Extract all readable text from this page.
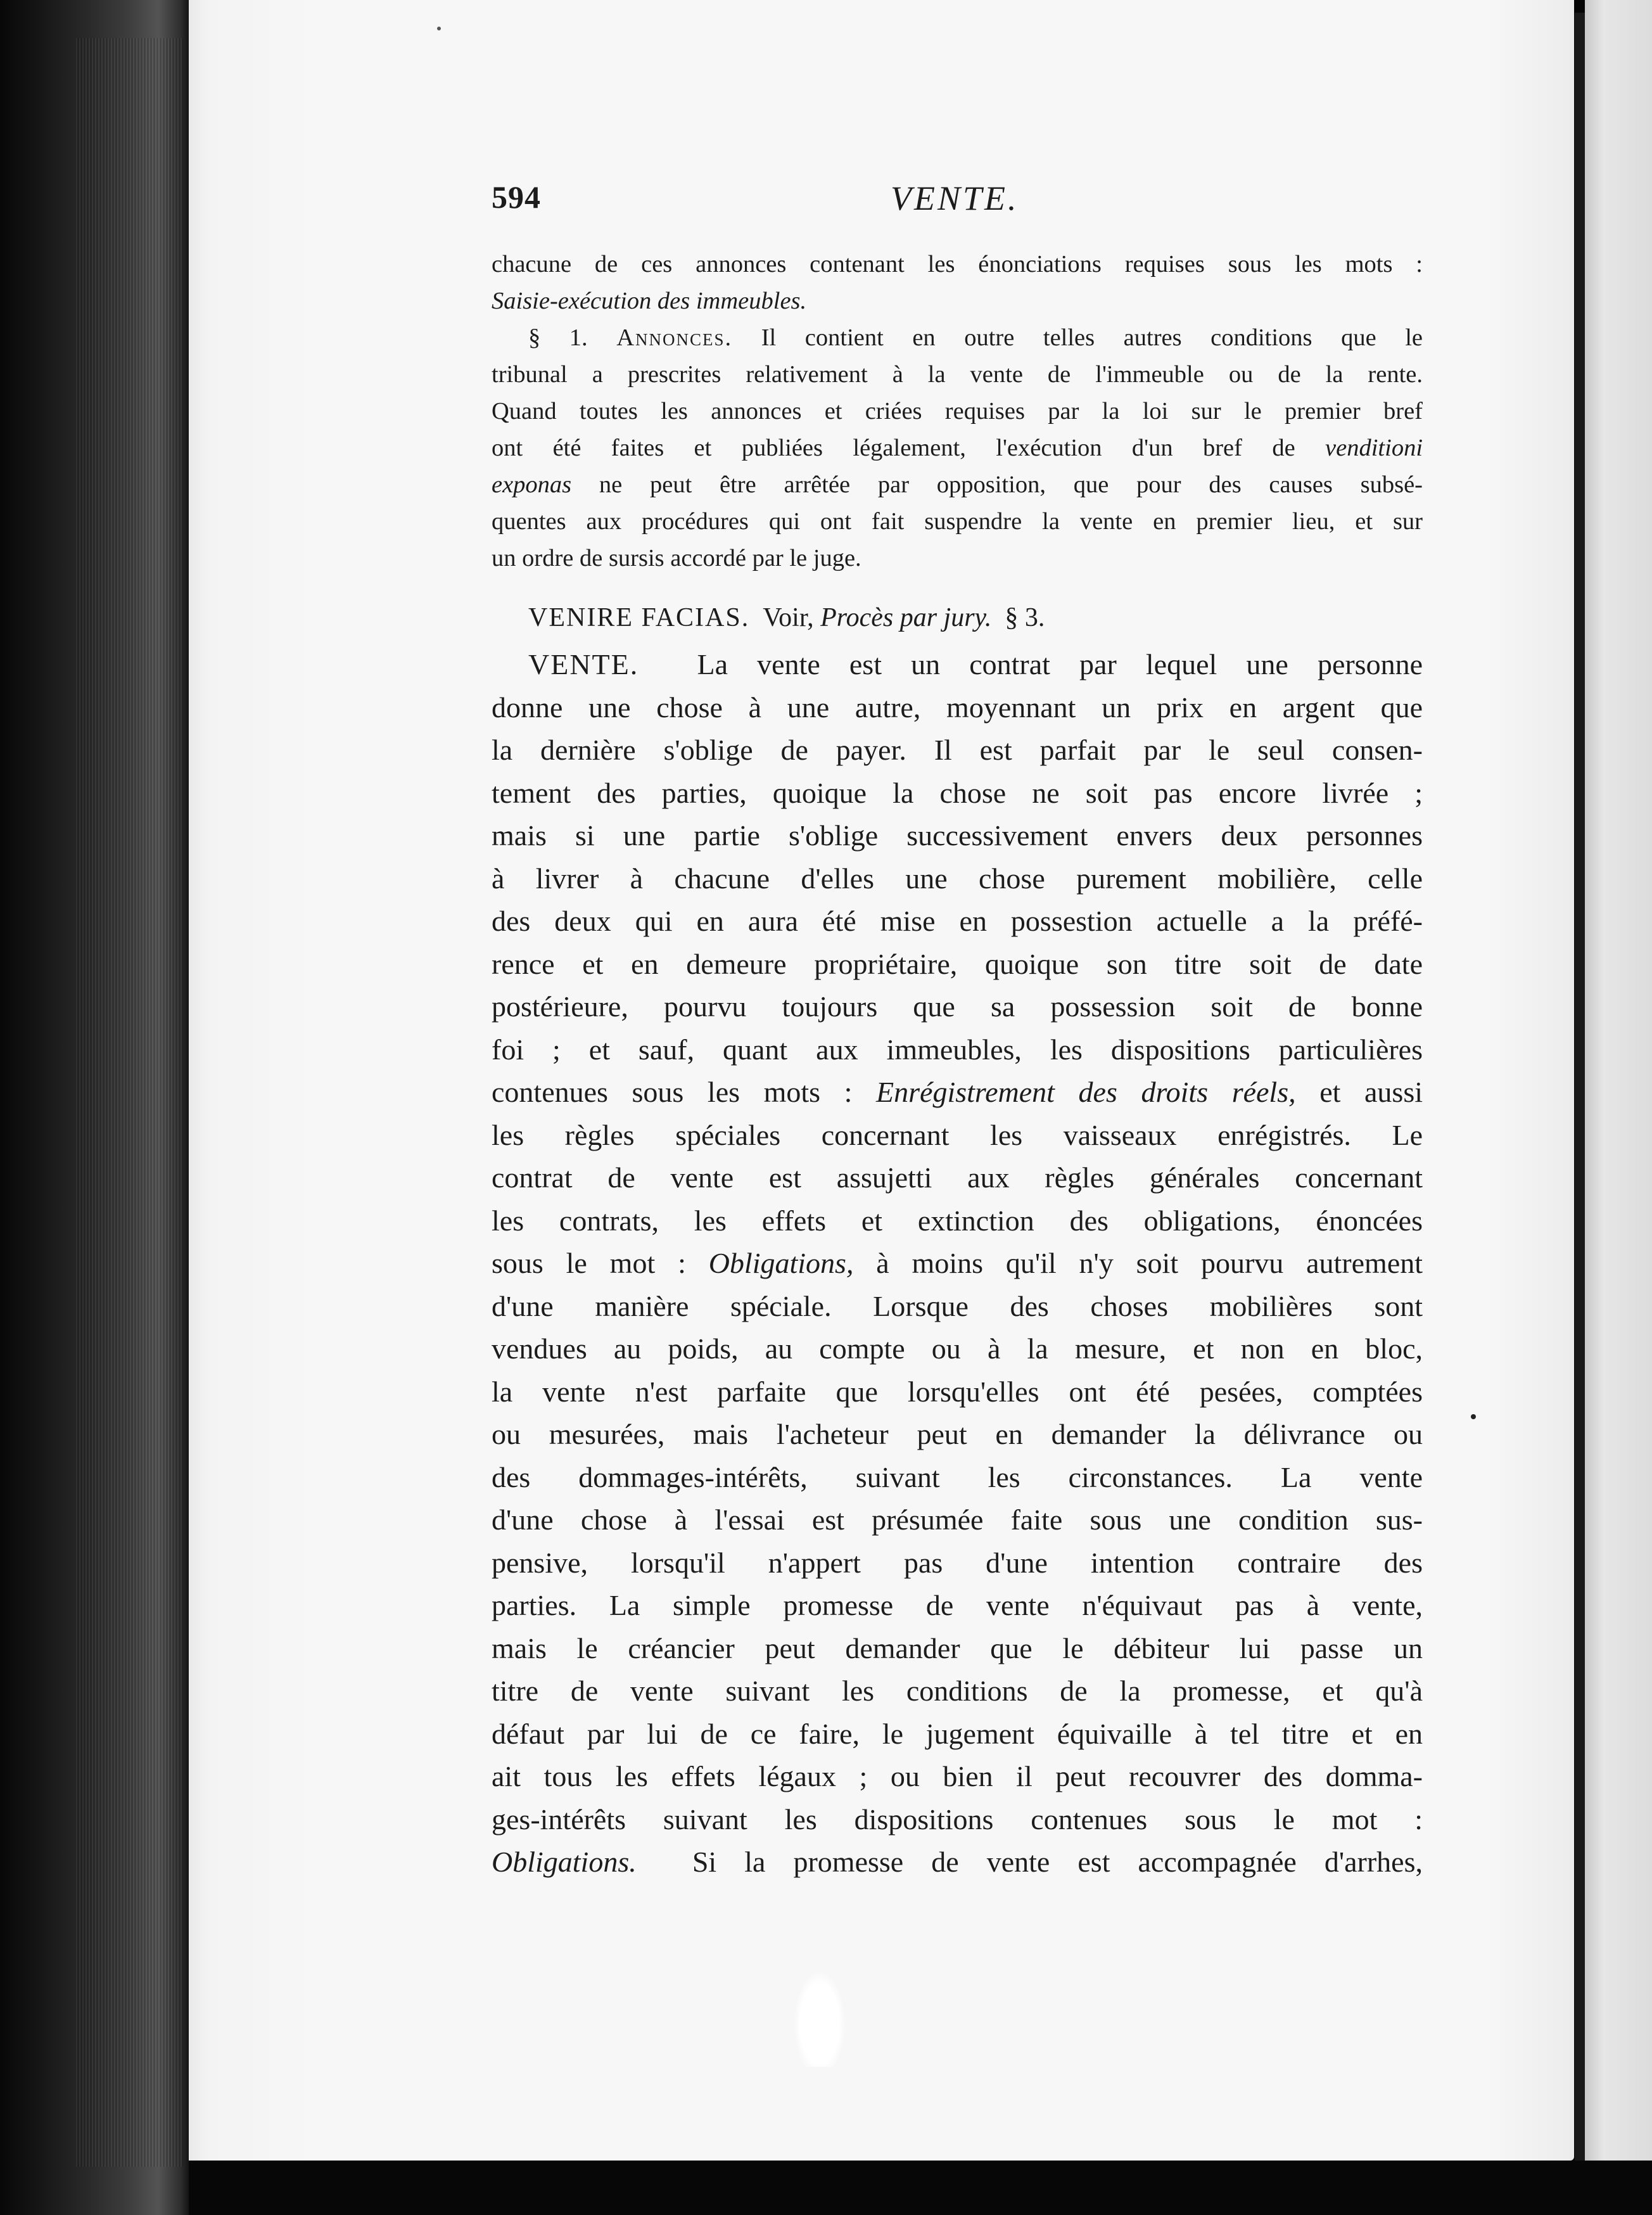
594	VENTE.
chacune de ces annonces contenant les énonciations requises sous les mots :
Saisie-exécution des immeubles.
§ 1. Annonces. Il contient en outre telles autres conditions que le
tribunal a prescrites relativement à la vente de l'immeuble ou de la rente.
Quand toutes les annonces et criées requises par la loi sur le premier bref
ont été faites et publiées légalement, l'exécution d'un bref de venditioni
exponas ne peut être arrêtée par opposition, que pour des causes subsé-
quentes aux procédures qui ont fait suspendre la vente en premier lieu, et sur
un ordre de sursis accordé par le juge.
VENIRE FACIAS. Voir, Procès par jury. § 3.
VENTE. La vente est un contrat par lequel une personne
donne une chose à une autre, moyennant un prix en argent que
la dernière s'oblige de payer. Il est parfait par le seul consen-
tement des parties, quoique la chose ne soit pas encore livrée ;
mais si une partie s'oblige successivement envers deux personnes
à livrer à chacune d'elles une chose purement mobilière, celle
des deux qui en aura été mise en possestion actuelle a la préfé-
rence et en demeure propriétaire, quoique son titre soit de date
postérieure, pourvu toujours que sa possession soit de bonne
foi ; et sauf, quant aux immeubles, les dispositions particulières
contenues sous les mots : Enrégistrement des droits réels, et aussi
les règles spéciales concernant les vaisseaux enrégistrés. Le
contrat de vente est assujetti aux règles générales concernant
les contrats, les effets et extinction des obligations, énoncées
sous le mot : Obligations, à moins qu'il n'y soit pourvu autrement
d'une manière spéciale. Lorsque des choses mobilières sont
vendues au poids, au compte ou à la mesure, et non en bloc,
la vente n'est parfaite que lorsqu'elles ont été pesées, comptées
ou mesurées, mais l'acheteur peut en demander la délivrance ou
des dommages-intérêts, suivant les circonstances. La vente
d'une chose à l'essai est présumée faite sous une condition sus-
pensive, lorsqu'il n'appert pas d'une intention contraire des
parties. La simple promesse de vente n'équivaut pas à vente,
mais le créancier peut demander que le débiteur lui passe un
titre de vente suivant les conditions de la promesse, et qu'à
défaut par lui de ce faire, le jugement équivaille à tel titre et en
ait tous les effets légaux ; ou bien il peut recouvrer des domma-
ges-intérêts suivant les dispositions contenues sous le mot :
Obligations. Si la promesse de vente est accompagnée d'arrhes,
